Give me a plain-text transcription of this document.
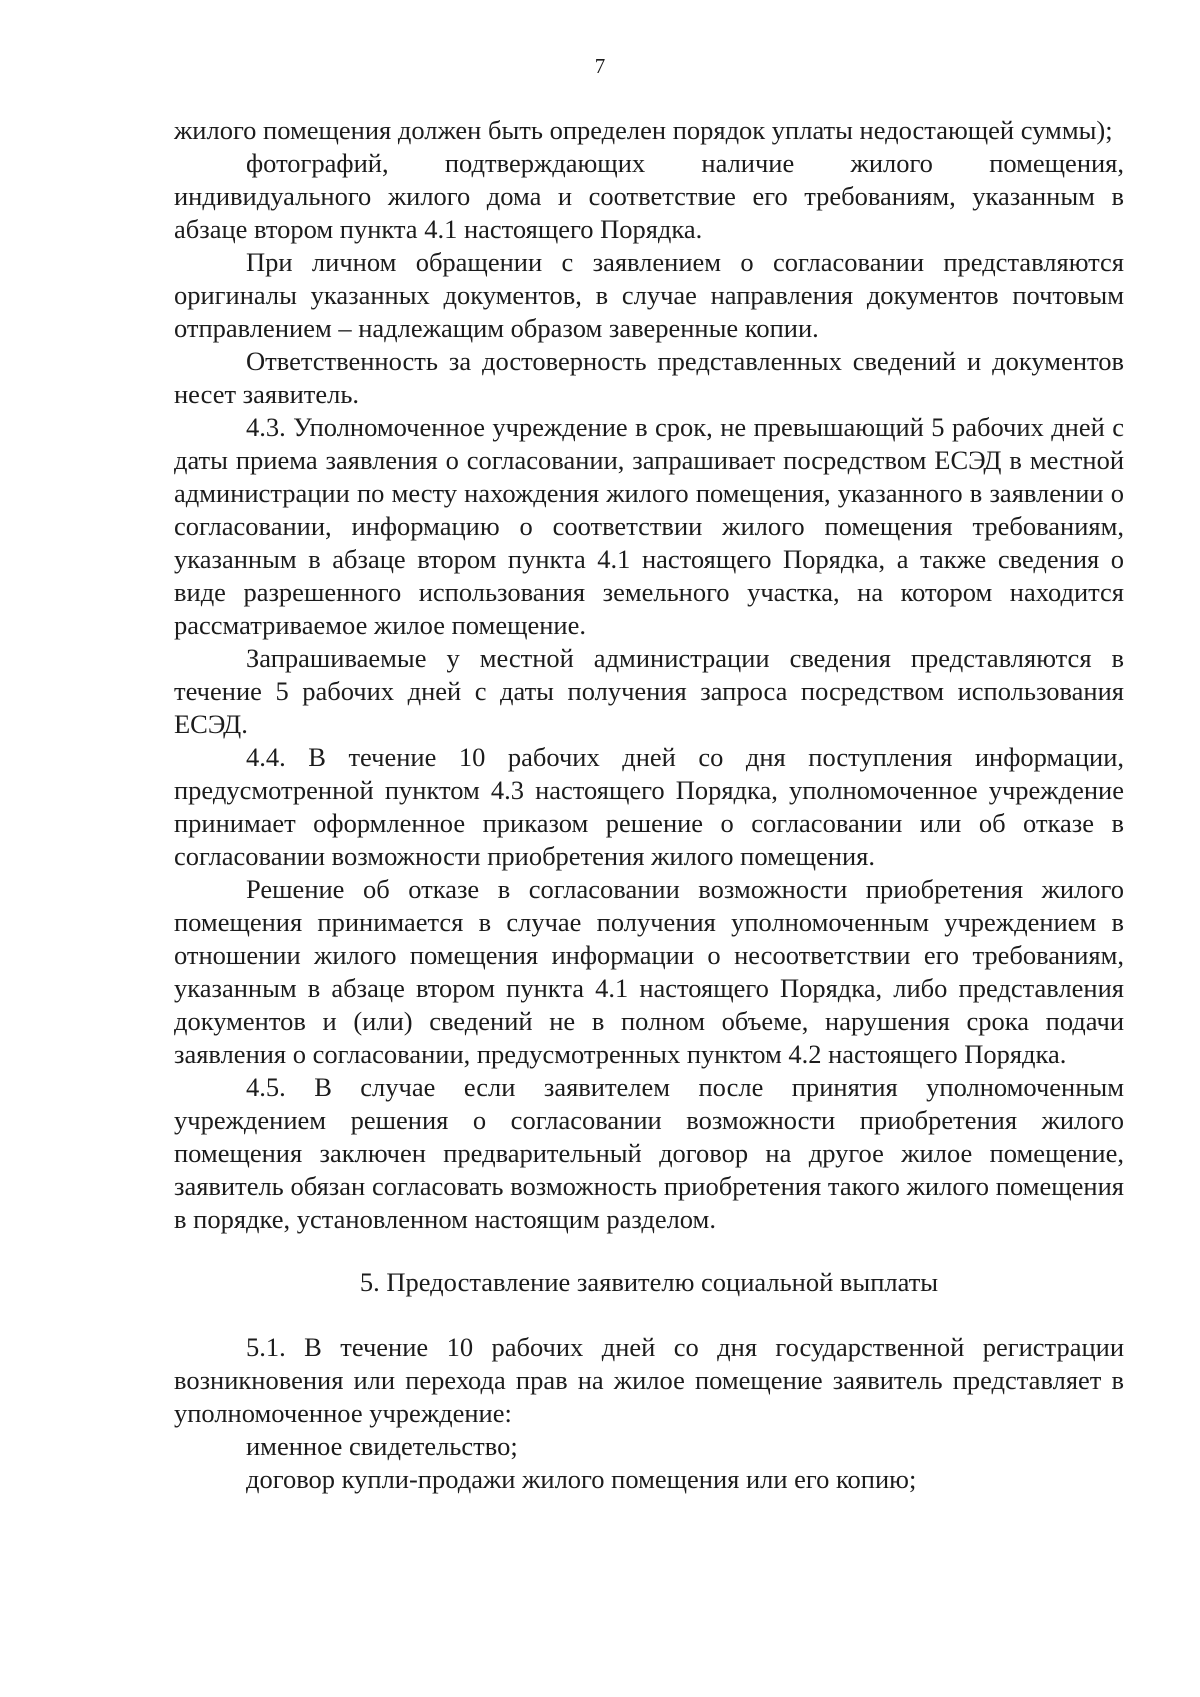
7

жилого помещения должен быть определен порядок уплаты недостающей суммы);

фотографий, подтверждающих наличие жилого помещения, индивидуального жилого дома и соответствие его требованиям, указанным в абзаце втором пункта 4.1 настоящего Порядка.

При личном обращении с заявлением о согласовании представляются оригиналы указанных документов, в случае направления документов почтовым отправлением – надлежащим образом заверенные копии.

Ответственность за достоверность представленных сведений и документов несет заявитель.

4.3. Уполномоченное учреждение в срок, не превышающий 5 рабочих дней с даты приема заявления о согласовании, запрашивает посредством ЕСЭД в местной администрации по месту нахождения жилого помещения, указанного в заявлении о согласовании, информацию о соответствии жилого помещения требованиям, указанным в абзаце втором пункта 4.1 настоящего Порядка, а также сведения о виде разрешенного использования земельного участка, на котором находится рассматриваемое жилое помещение.

Запрашиваемые у местной администрации сведения представляются в течение 5 рабочих дней с даты получения запроса посредством использования ЕСЭД.

4.4. В течение 10 рабочих дней со дня поступления информации, предусмотренной пунктом 4.3 настоящего Порядка, уполномоченное учреждение принимает оформленное приказом решение о согласовании или об отказе в согласовании возможности приобретения жилого помещения.

Решение об отказе в согласовании возможности приобретения жилого помещения принимается в случае получения уполномоченным учреждением в отношении жилого помещения информации о несоответствии его требованиям, указанным в абзаце втором пункта 4.1 настоящего Порядка, либо представления документов и (или) сведений не в полном объеме, нарушения срока подачи заявления о согласовании, предусмотренных пунктом 4.2 настоящего Порядка.

4.5. В случае если заявителем после принятия уполномоченным учреждением решения о согласовании возможности приобретения жилого помещения заключен предварительный договор на другое жилое помещение, заявитель обязан согласовать возможность приобретения такого жилого помещения в порядке, установленном настоящим разделом.

5. Предоставление заявителю социальной выплаты

5.1. В течение 10 рабочих дней со дня государственной регистрации возникновения или перехода прав на жилое помещение заявитель представляет в уполномоченное учреждение:

именное свидетельство;

договор купли-продажи жилого помещения или его копию;
